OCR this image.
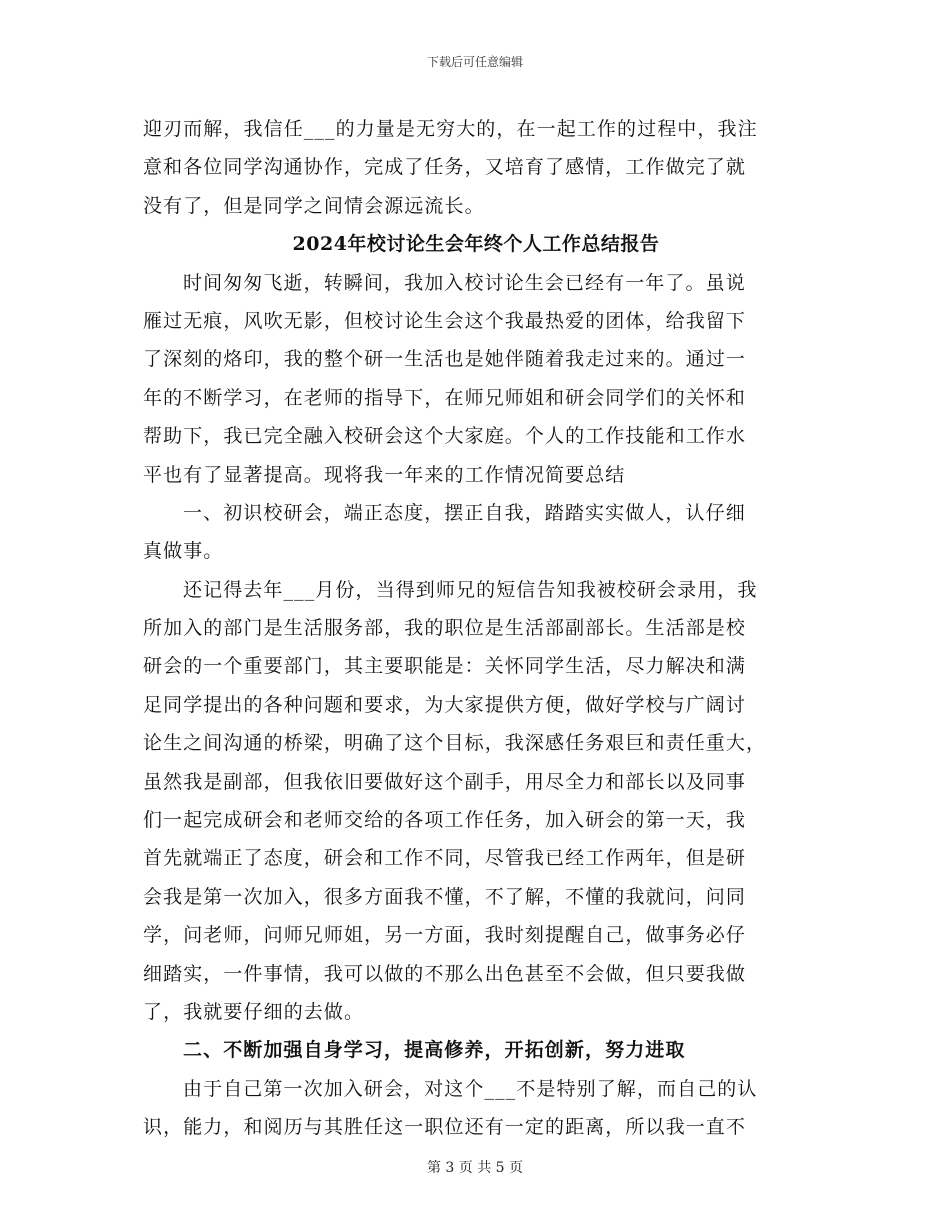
下载后可任意编辑
迎刃而解，我信任___的力量是无穷大的，在一起工作的过程中，我注
意和各位同学沟通协作，完成了任务，又培育了感情，工作做完了就
没有了，但是同学之间情会源远流长。
2024年校讨论生会年终个人工作总结报告
时间匆匆飞逝，转瞬间，我加入校讨论生会已经有一年了。虽说
雁过无痕，风吹无影，但校讨论生会这个我最热爱的团体，给我留下
了深刻的烙印，我的整个研一生活也是她伴随着我走过来的。通过一
年的不断学习，在老师的指导下，在师兄师姐和研会同学们的关怀和
帮助下，我已完全融入校研会这个大家庭。个人的工作技能和工作水
平也有了显著提高。现将我一年来的工作情况简要总结
一、初识校研会，端正态度，摆正自我，踏踏实实做人，认仔细
真做事。
还记得去年___月份，当得到师兄的短信告知我被校研会录用，我
所加入的部门是生活服务部，我的职位是生活部副部长。生活部是校
研会的一个重要部门，其主要职能是：关怀同学生活，尽力解决和满
足同学提出的各种问题和要求，为大家提供方便，做好学校与广阔讨
论生之间沟通的桥梁，明确了这个目标，我深感任务艰巨和责任重大，
虽然我是副部，但我依旧要做好这个副手，用尽全力和部长以及同事
们一起完成研会和老师交给的各项工作任务，加入研会的第一天，我
首先就端正了态度，研会和工作不同，尽管我已经工作两年，但是研
会我是第一次加入，很多方面我不懂，不了解，不懂的我就问，问同
学，问老师，问师兄师姐，另一方面，我时刻提醒自己，做事务必仔
细踏实，一件事情，我可以做的不那么出色甚至不会做，但只要我做
了，我就要仔细的去做。
二、不断加强自身学习，提高修养，开拓创新，努力进取
由于自己第一次加入研会，对这个___不是特别了解，而自己的认
识，能力，和阅历与其胜任这一职位还有一定的距离，所以我一直不
第 3 页 共 5 页
